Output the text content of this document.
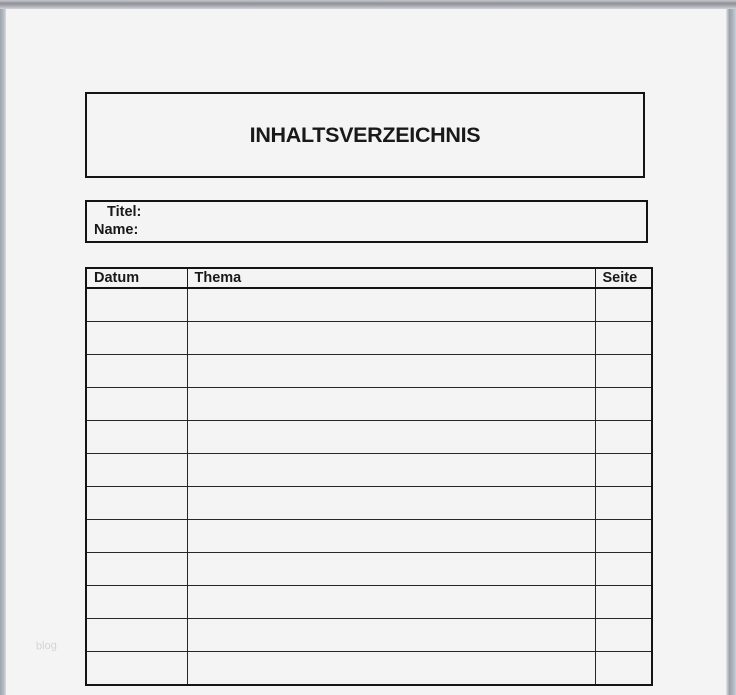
INHALTSVERZEICHNIS
Titel:
Name:
Datum	Thema	Seite

blog
